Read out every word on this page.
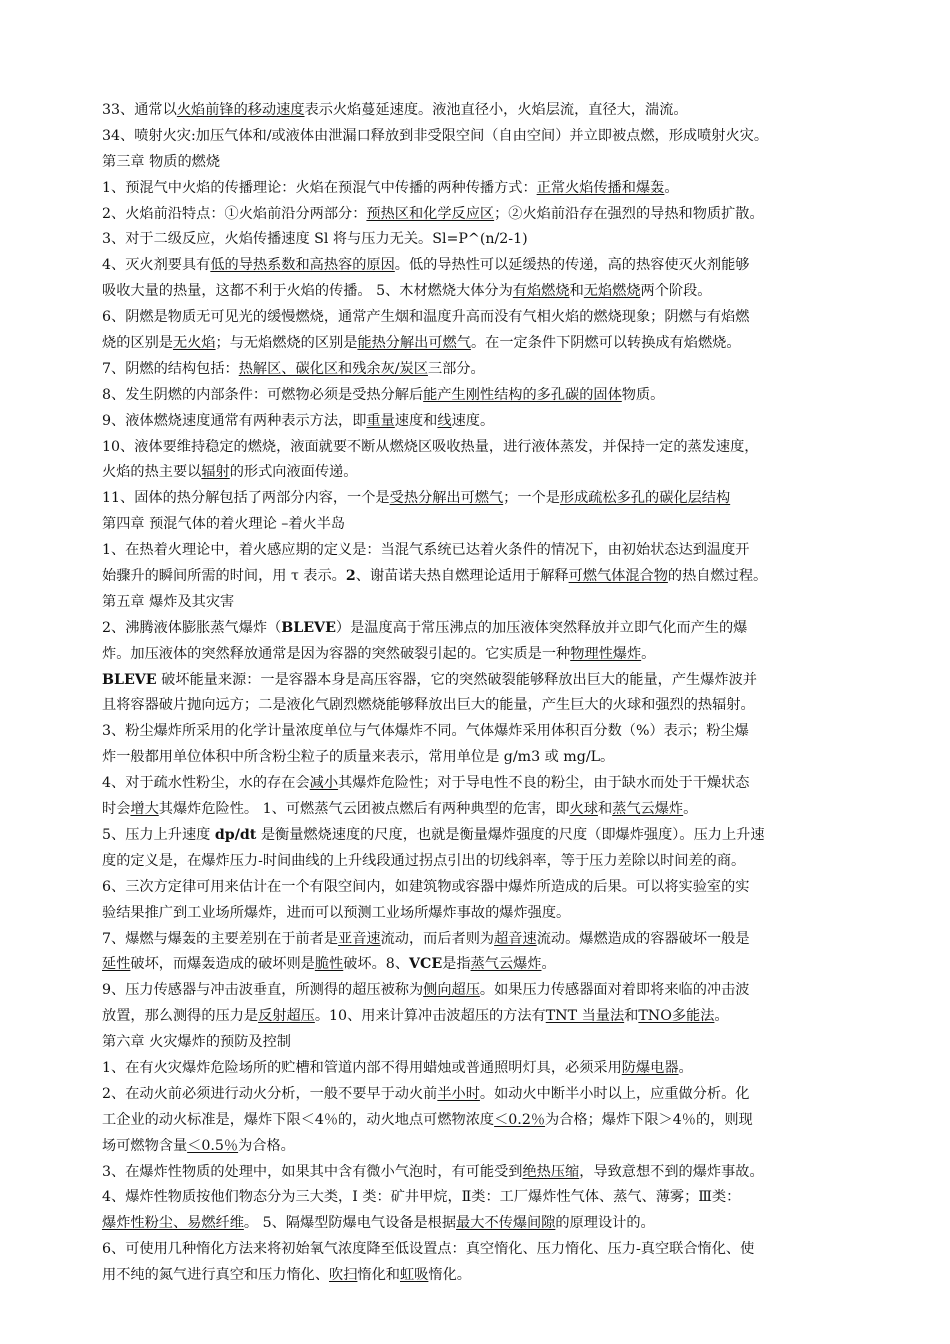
33、通常以火焰前锋的移动速度表示火焰蔓延速度。液池直径小，火焰层流，直径大，湍流。
34、喷射火灾:加压气体和/或液体由泄漏口释放到非受限空间（自由空间）并立即被点燃，形成喷射火灾。
第三章 物质的燃烧
1、预混气中火焰的传播理论：火焰在预混气中传播的两种传播方式：正常火焰传播和爆轰。
2、火焰前沿特点：①火焰前沿分两部分：预热区和化学反应区；②火焰前沿存在强烈的导热和物质扩散。
3、对于二级反应，火焰传播速度 Sl 将与压力无关。Sl=P^(n/2-1)
4、灭火剂要具有低的导热系数和高热容的原因。低的导热性可以延缓热的传递，高的热容使灭火剂能够
吸收大量的热量，这都不利于火焰的传播。 5、木材燃烧大体分为有焰燃烧和无焰燃烧两个阶段。
6、阴燃是物质无可见光的缓慢燃烧，通常产生烟和温度升高而没有气相火焰的燃烧现象；阴燃与有焰燃
烧的区别是无火焰；与无焰燃烧的区别是能热分解出可燃气。在一定条件下阴燃可以转换成有焰燃烧。
7、阴燃的结构包括：热解区、碳化区和残余灰/炭区三部分。
8、发生阴燃的内部条件：可燃物必须是受热分解后能产生刚性结构的多孔碳的固体物质。
9、液体燃烧速度通常有两种表示方法，即重量速度和线速度。
10、液体要维持稳定的燃烧，液面就要不断从燃烧区吸收热量，进行液体蒸发，并保持一定的蒸发速度，
火焰的热主要以辐射的形式向液面传递。
11、固体的热分解包括了两部分内容，一个是受热分解出可燃气；一个是形成疏松多孔的碳化层结构
第四章 预混气体的着火理论 –着火半岛
1、在热着火理论中，着火感应期的定义是：当混气系统已达着火条件的情况下，由初始状态达到温度开
始骤升的瞬间所需的时间，用 τ 表示。2、谢苗诺夫热自燃理论适用于解释可燃气体混合物的热自燃过程。
第五章 爆炸及其灾害
2、沸腾液体膨胀蒸气爆炸（BLEVE）是温度高于常压沸点的加压液体突然释放并立即气化而产生的爆
炸。加压液体的突然释放通常是因为容器的突然破裂引起的。它实质是一种物理性爆炸。
BLEVE 破坏能量来源：一是容器本身是高压容器，它的突然破裂能够释放出巨大的能量，产生爆炸波并
且将容器破片抛向远方；二是液化气剧烈燃烧能够释放出巨大的能量，产生巨大的火球和强烈的热辐射。
3、粉尘爆炸所采用的化学计量浓度单位与气体爆炸不同。气体爆炸采用体积百分数（%）表示；粉尘爆
炸一般都用单位体积中所含粉尘粒子的质量来表示，常用单位是 g/m3 或 mg/L。
4、对于疏水性粉尘，水的存在会减小其爆炸危险性；对于导电性不良的粉尘，由于缺水而处于干燥状态
时会增大其爆炸危险性。 1、可燃蒸气云团被点燃后有两种典型的危害，即火球和蒸气云爆炸。
5、压力上升速度 dp/dt 是衡量燃烧速度的尺度，也就是衡量爆炸强度的尺度（即爆炸强度）。压力上升速
度的定义是，在爆炸压力-时间曲线的上升线段通过拐点引出的切线斜率，等于压力差除以时间差的商。
6、三次方定律可用来估计在一个有限空间内，如建筑物或容器中爆炸所造成的后果。可以将实验室的实
验结果推广到工业场所爆炸，进而可以预测工业场所爆炸事故的爆炸强度。
7、爆燃与爆轰的主要差别在于前者是亚音速流动，而后者则为超音速流动。爆燃造成的容器破坏一般是
延性破坏，而爆轰造成的破坏则是脆性破坏。8、VCE是指蒸气云爆炸。
9、压力传感器与冲击波垂直，所测得的超压被称为侧向超压。如果压力传感器面对着即将来临的冲击波
放置，那么测得的压力是反射超压。10、用来计算冲击波超压的方法有TNT 当量法和TNO多能法。
第六章 火灾爆炸的预防及控制
1、在有火灾爆炸危险场所的贮槽和管道内部不得用蜡烛或普通照明灯具，必须采用防爆电器。
2、在动火前必须进行动火分析，一般不要早于动火前半小时。如动火中断半小时以上，应重做分析。化
工企业的动火标准是，爆炸下限＜4％的，动火地点可燃物浓度＜0.2％为合格；爆炸下限＞4％的，则现
场可燃物含量＜0.5％为合格。
3、在爆炸性物质的处理中，如果其中含有微小气泡时，有可能受到绝热压缩，导致意想不到的爆炸事故。
4、爆炸性物质按他们物态分为三大类，Ⅰ 类：矿井甲烷，Ⅱ类：工厂爆炸性气体、蒸气、薄雾；Ⅲ类：
爆炸性粉尘、易燃纤维。 5、隔爆型防爆电气设备是根据最大不传爆间隙的原理设计的。
6、可使用几种惰化方法来将初始氧气浓度降至低设置点：真空惰化、压力惰化、压力-真空联合惰化、使
用不纯的氮气进行真空和压力惰化、吹扫惰化和虹吸惰化。
